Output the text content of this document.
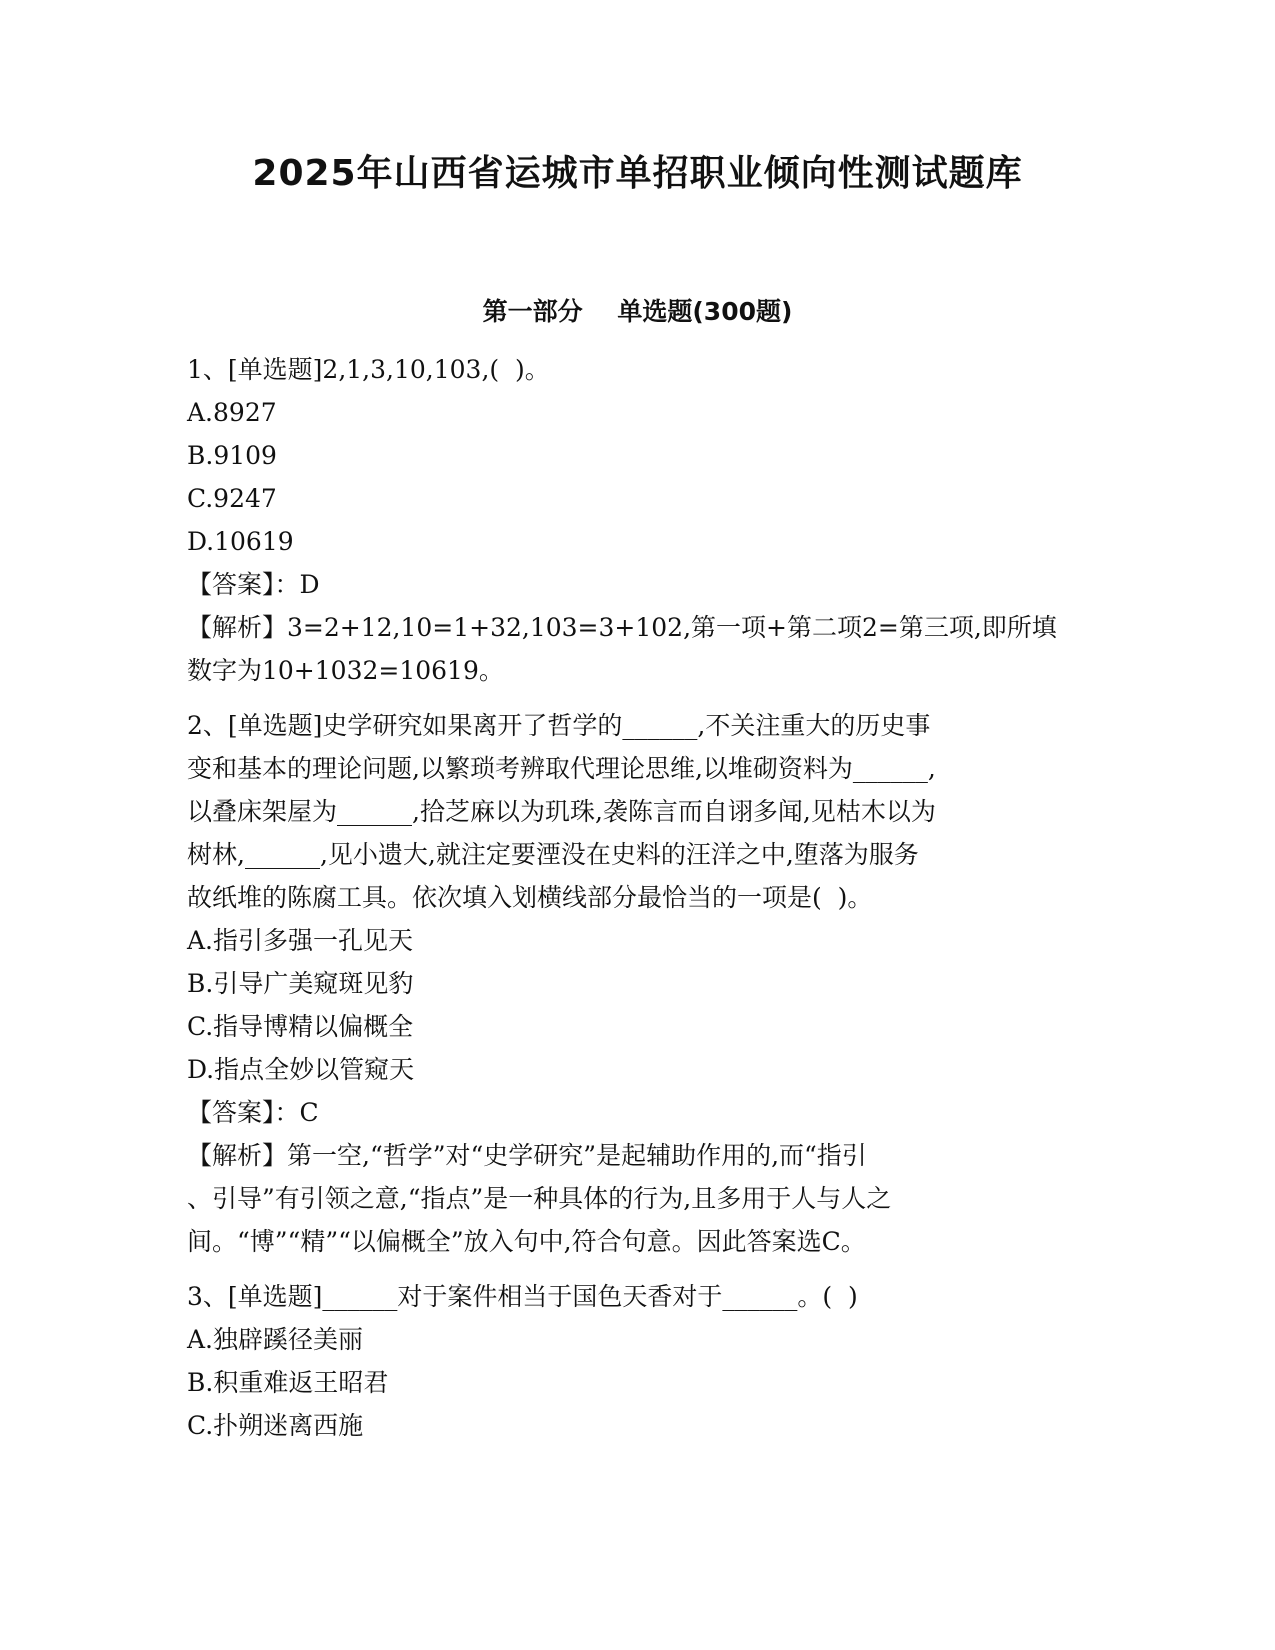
2025年山西省运城市单招职业倾向性测试题库
第一部分    单选题(300题)
1、[单选题]2,1,3,10,103,(  )。
A.8927
B.9109
C.9247
D.10619
【答案】：D
【解析】3=2+12,10=1+32,103=3+102,第一项+第二项2=第三项,即所填
数字为10+1032=10619。
2、[单选题]史学研究如果离开了哲学的______,不关注重大的历史事
变和基本的理论问题,以繁琐考辨取代理论思维,以堆砌资料为______,
以叠床架屋为______,拾芝麻以为玑珠,袭陈言而自诩多闻,见枯木以为
树林,______,见小遗大,就注定要湮没在史料的汪洋之中,堕落为服务
故纸堆的陈腐工具。依次填入划横线部分最恰当的一项是(  )。
A.指引多强一孔见天
B.引导广美窥斑见豹
C.指导博精以偏概全
D.指点全妙以管窥天
【答案】：C
【解析】第一空,“哲学”对“史学研究”是起辅助作用的,而“指引
、引导”有引领之意,“指点”是一种具体的行为,且多用于人与人之
间。“博”“精”“以偏概全”放入句中,符合句意。因此答案选C。
3、[单选题]______对于案件相当于国色天香对于______。(  )
A.独辟蹊径美丽
B.积重难返王昭君
C.扑朔迷离西施
